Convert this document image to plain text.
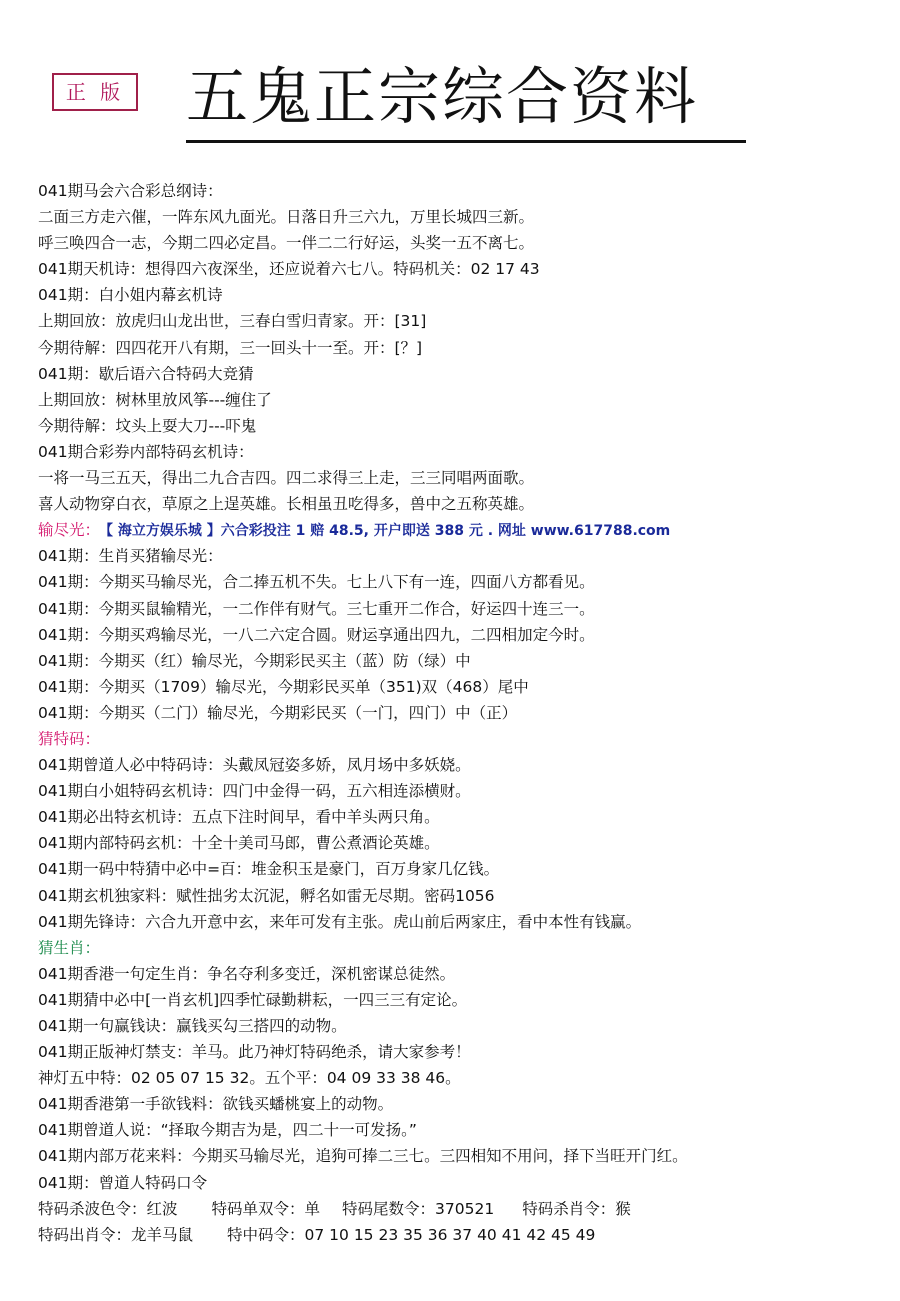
正 版 五鬼正宗综合资料
041期马会六合彩总纲诗：
二面三方走六催，一阵东风九面光。日落日升三六九，万里长城四三新。
呼三唤四合一志，今期二四必定昌。一伴二二行好运，头奖一五不离七。
041期天机诗：想得四六夜深坐，还应说着六七八。特码机关：02 17 43
041期：白小姐内幕玄机诗
上期回放：放虎归山龙出世，三春白雪归青家。开：[31]
今期待解：四四花开八有期，三一回头十一至。开：[？]
041期：歇后语六合特码大竞猜
上期回放：树林里放风筝---缠住了
今期待解：坟头上耍大刀---吓鬼
041期合彩券内部特码玄机诗：
一将一马三五天，得出二九合吉四。四二求得三上走，三三同唱两面歌。
喜人动物穿白衣，草原之上逞英雄。长相虽丑吃得多，兽中之五称英雄。
输尽光： 【 海立方娱乐城 】六合彩投注 1 赔 48.5, 开户即送 388 元 . 网址 www.617788.com
041期：生肖买猪输尽光：
041期：今期买马输尽光，合二捧五机不失。七上八下有一连，四面八方都看见。
041期：今期买鼠输精光，一二作伴有财气。三七重开二作合，好运四十连三一。
041期：今期买鸡输尽光，一八二六定合圆。财运享通出四九，二四相加定今时。
041期：今期买（红）输尽光，今期彩民买主（蓝）防（绿）中
041期：今期买（1709）输尽光，今期彩民买单（351)双（468）尾中
041期：今期买（二门）输尽光，今期彩民买（一门，四门）中（正）
猜特码：
041期曾道人必中特码诗：头戴凤冠姿多娇，凤月场中多妖娆。
041期白小姐特码玄机诗：四门中金得一码，五六相连添横财。
041期必出特玄机诗：五点下注时间早，看中羊头两只角。
041期内部特码玄机：十全十美司马郎，曹公煮酒论英雄。
041期一码中特猜中必中=百：堆金积玉是豪门，百万身家几亿钱。
041期玄机独家料：赋性拙劣太沉泥，孵名如雷无尽期。密码1056
041期先锋诗：六合九开意中玄，来年可发有主张。虎山前后两家庄，看中本性有钱赢。
猜生肖：
041期香港一句定生肖：争名夺利多变迁，深机密谋总徒然。
041期猜中必中[一肖玄机]四季忙碌勤耕耘，一四三三有定论。
041期一句赢钱诀：赢钱买勾三搭四的动物。
041期正版神灯禁支：羊马。此乃神灯特码绝杀，请大家参考！
神灯五中特：02 05 07 15 32。五个平：04 09 33 38 46。
041期香港第一手欲钱料：欲钱买蟠桃宴上的动物。
041期曾道人说：“择取今期吉为是，四二十一可发扬。”
041期内部万花来料：今期买马输尽光，追狗可捧二三七。三四相知不用问，择下当旺开门红。
041期：曾道人特码口令
特码杀波色令：红波 特码单双令：单 特码尾数令：370521 特码杀肖令：猴
特码出肖令：龙羊马鼠 特中码令：07 10 15 23 35 36 37 40 41 42 45 49
